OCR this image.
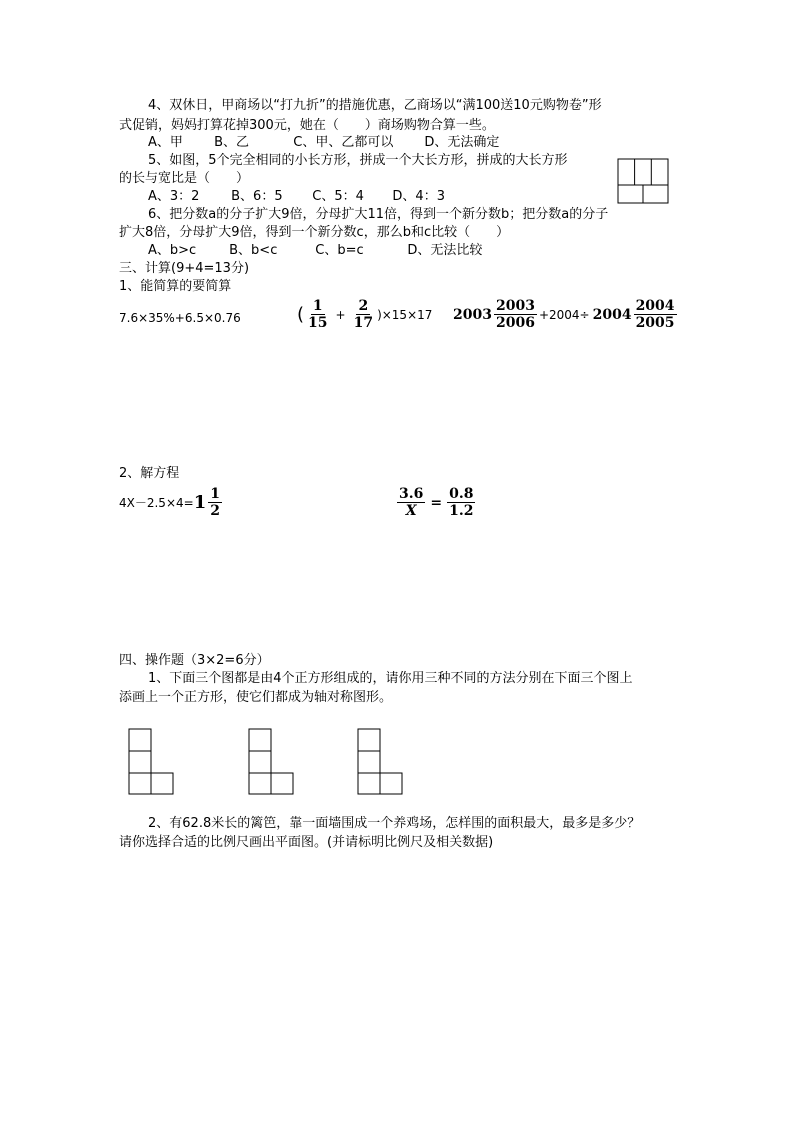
4、双休日，甲商场以“打九折”的措施优惠，乙商场以“满100送10元购物卷”形
式促销，妈妈打算花掉300元，她在（　　）商场购物合算一些。
A、甲 B、乙	C、甲、乙都可以 D、无法确定
5、如图，5个完全相同的小长方形，拼成一个大长方形，拼成的大长方形
的长与宽比是（　　）
A、3：2 B、6：5 C、5：4 D、4：3
6、把分数a的分子扩大9倍，分母扩大11倍，得到一个新分数b；把分数a的分子
扩大8倍，分母扩大9倍，得到一个新分数c，那么b和c比较（　　）
A、b>c	B、b<c	C、b=c	D、无法比较
三、计算(9+4=13分)
1、能简算的要简算
7.6×35%+6.5×0.76	( $\frac{1}{15} + \frac{2}{17} )\times 15\times 17$ $2003 \frac{2003}{2006} +2004\div 2004 \frac{2004}{2005}$
2、解方程
$4X-2.5\times 4= 1 \frac{1}{2}$	$\frac{3.6}{X} = \frac{0.8}{1.2}$
四、操作题（3×2=6分）
1、下面三个图都是由4个正方形组成的，请你用三种不同的方法分别在下面三个图上
添画上一个正方形，使它们都成为轴对称图形。
2、有62.8米长的篱笆，靠一面墙围成一个养鸡场，怎样围的面积最大，最多是多少？
请你选择合适的比例尺画出平面图。(并请标明比例尺及相关数据)
